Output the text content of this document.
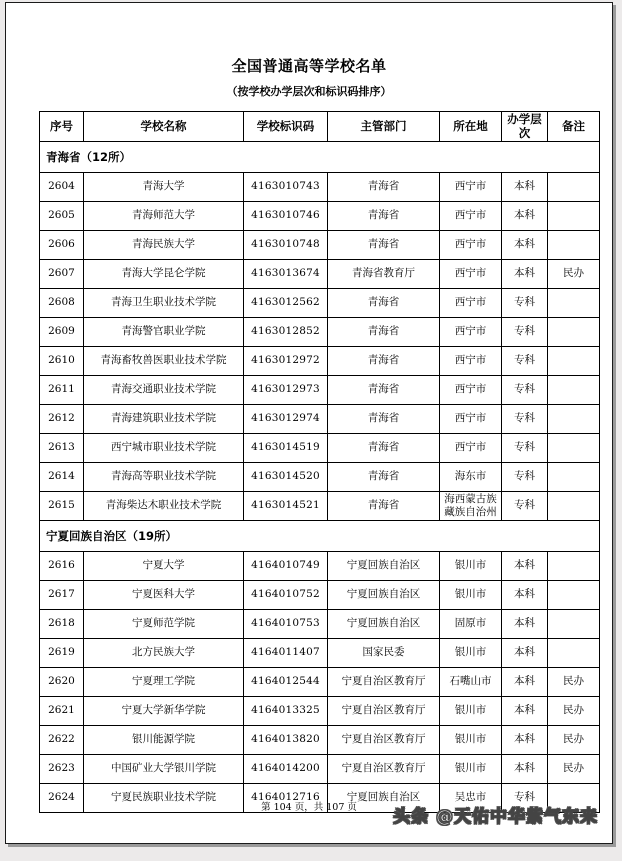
全国普通高等学校名单
（按学校办学层次和标识码排序）
序号	学校名称	学校标识码	主管部门	所在地	办学层次	备注
青海省（12所）						
2604	青海大学	4163010743	青海省	西宁市	本科	
2605	青海师范大学	4163010746	青海省	西宁市	本科	
2606	青海民族大学	4163010748	青海省	西宁市	本科	
2607	青海大学昆仑学院	4163013674	青海省教育厅	西宁市	本科	民办
2608	青海卫生职业技术学院	4163012562	青海省	西宁市	专科	
2609	青海警官职业学院	4163012852	青海省	西宁市	专科	
2610	青海畜牧兽医职业技术学院	4163012972	青海省	西宁市	专科	
2611	青海交通职业技术学院	4163012973	青海省	西宁市	专科	
2612	青海建筑职业技术学院	4163012974	青海省	西宁市	专科	
2613	西宁城市职业技术学院	4163014519	青海省	西宁市	专科	
2614	青海高等职业技术学院	4163014520	青海省	海东市	专科	
2615	青海柴达木职业技术学院	4163014521	青海省	海西蒙古族藏族自治州	专科	
宁夏回族自治区（19所）						
2616	宁夏大学	4164010749	宁夏回族自治区	银川市	本科	
2617	宁夏医科大学	4164010752	宁夏回族自治区	银川市	本科	
2618	宁夏师范学院	4164010753	宁夏回族自治区	固原市	本科	
2619	北方民族大学	4164011407	国家民委	银川市	本科	
2620	宁夏理工学院	4164012544	宁夏自治区教育厅	石嘴山市	本科	民办
2621	宁夏大学新华学院	4164013325	宁夏自治区教育厅	银川市	本科	民办
2622	银川能源学院	4164013820	宁夏自治区教育厅	银川市	本科	民办
2623	中国矿业大学银川学院	4164014200	宁夏自治区教育厅	银川市	本科	民办
2624	宁夏民族职业技术学院	4164012716	宁夏回族自治区	吴忠市	专科	
第 104 页，共 107 页	头条 @天佑中华紫气东来
